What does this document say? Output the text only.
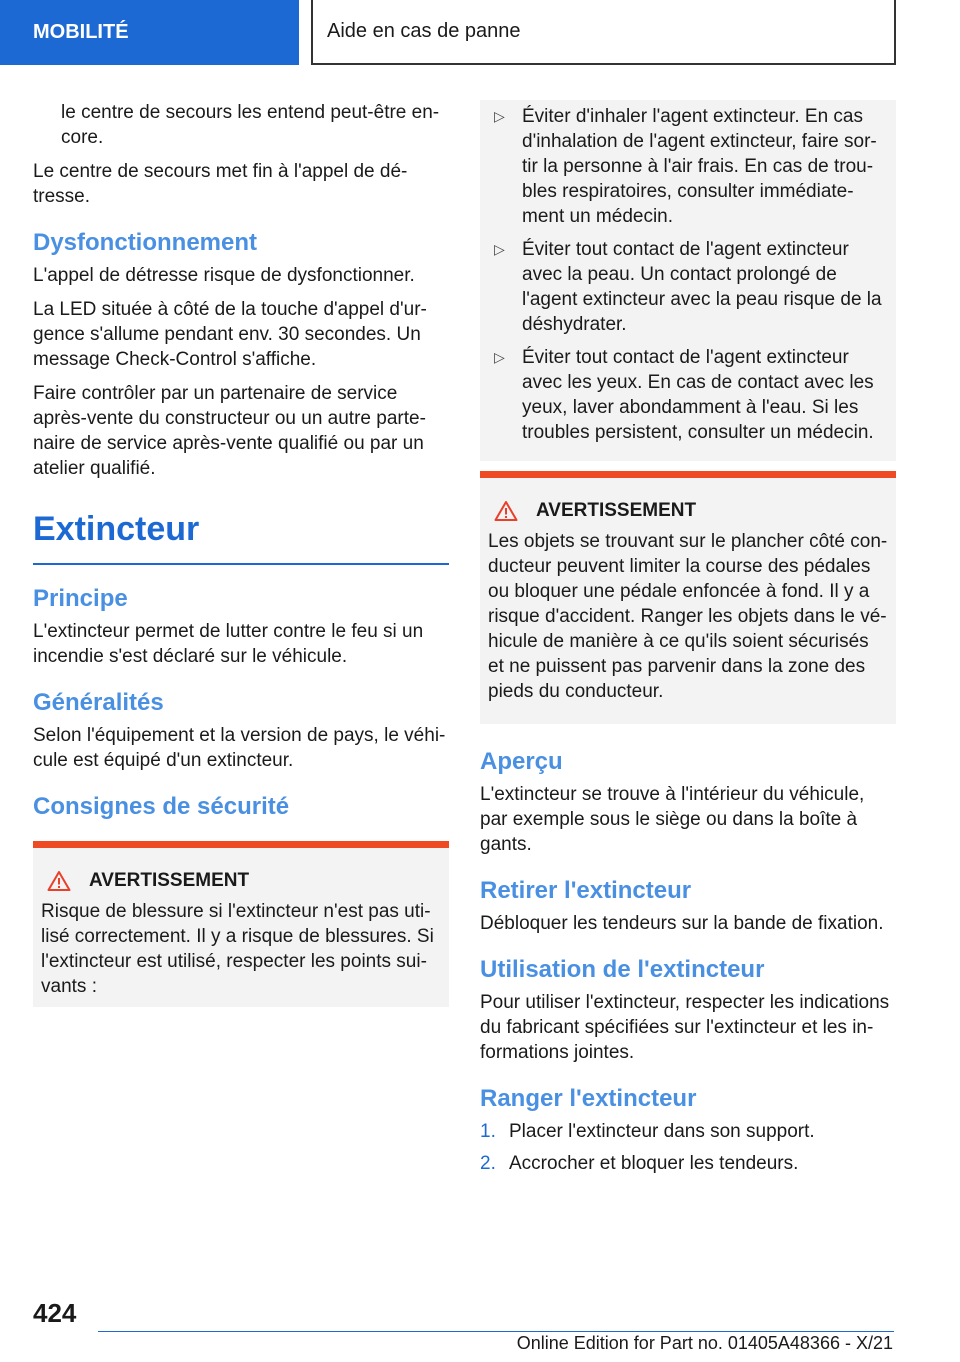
MOBILITÉ	Aide en cas de panne

le centre de secours les entend peut-être en-core.

Le centre de secours met fin à l'appel de dé-tresse.

Dysfonctionnement

L'appel de détresse risque de dysfonctionner.

La LED située à côté de la touche d'appel d'ur-gence s'allume pendant env. 30 secondes. Un message Check-Control s'affiche.

Faire contrôler par un partenaire de service après-vente du constructeur ou un autre parte-naire de service après-vente qualifié ou par un atelier qualifié.

Extincteur
Principe

L'extincteur permet de lutter contre le feu si un incendie s'est déclaré sur le véhicule.

Généralités

Selon l'équipement et la version de pays, le véhi-cule est équipé d'un extincteur.

Consignes de sécurité
AVERTISSEMENT

Risque de blessure si l'extincteur n'est pas uti-lisé correctement. Il y a risque de blessures. Si l'extincteur est utilisé, respecter les points sui-vants :

▷ Éviter d'inhaler l'agent extincteur. En cas d'inhalation de l'agent extincteur, faire sor-tir la personne à l'air frais. En cas de trou-bles respiratoires, consulter immédiate-ment un médecin.
▷ Éviter tout contact de l'agent extincteur avec la peau. Un contact prolongé de l'agent extincteur avec la peau risque de la déshydrater.
▷ Éviter tout contact de l'agent extincteur avec les yeux. En cas de contact avec les yeux, laver abondamment à l'eau. Si les troubles persistent, consulter un médecin.
AVERTISSEMENT

Les objets se trouvant sur le plancher côté con-ducteur peuvent limiter la course des pédales ou bloquer une pédale enfoncée à fond. Il y a risque d'accident. Ranger les objets dans le vé-hicule de manière à ce qu'ils soient sécurisés et ne puissent pas parvenir dans la zone des pieds du conducteur.

Aperçu

L'extincteur se trouve à l'intérieur du véhicule, par exemple sous le siège ou dans la boîte à gants.

Retirer l'extincteur

Débloquer les tendeurs sur la bande de fixation.

Utilisation de l'extincteur

Pour utiliser l'extincteur, respecter les indications du fabricant spécifiées sur l'extincteur et les in-formations jointes.

Ranger l'extincteur
1. Placer l'extincteur dans son support.
2. Accrocher et bloquer les tendeurs.
424
Online Edition for Part no. 01405A48366 - X/21
